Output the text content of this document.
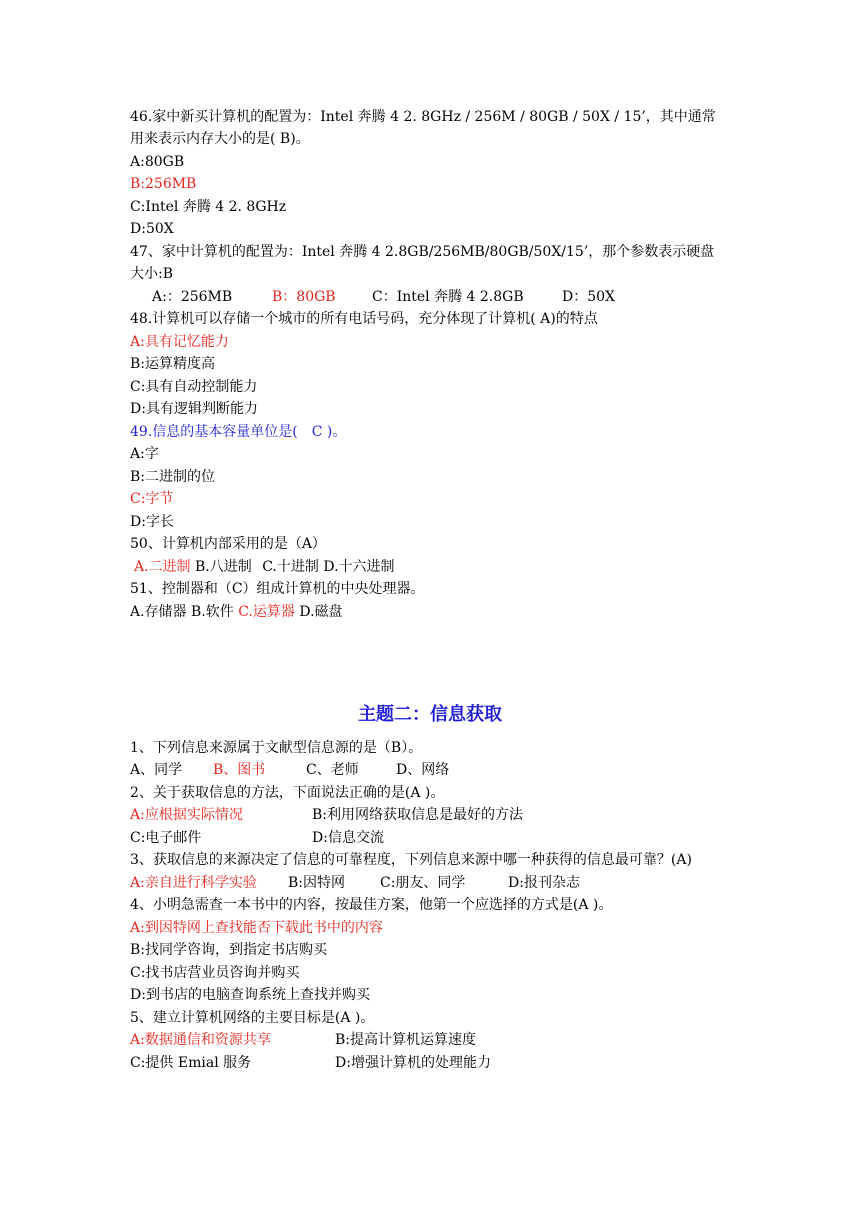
46.家中新买计算机的配置为：Intel 奔腾 4 2. 8GHz / 256M / 80GB / 50X / 15’，其中通常
用来表示内存大小的是( B)。
A:80GB
B:256MB
C:Intel 奔腾 4 2. 8GHz
D:50X
47、家中计算机的配置为：Intel 奔腾 4 2.8GB/256MB/80GB/50X/15’，那个参数表示硬盘
大小:B
A:：256MB	B：80GB	C：Intel 奔腾 4 2.8GB	D：50X
48.计算机可以存储一个城市的所有电话号码，充分体现了计算机( A)的特点
A:具有记忆能力
B:运算精度高
C:具有自动控制能力
D:具有逻辑判断能力
49.信息的基本容量单位是(　C )。
A:字
B:二进制的位
C:字节
D:字长
50、计算机内部采用的是（A）
A.二进制 B.八进制 C.十进制 D.十六进制
51、控制器和（C）组成计算机的中央处理器。
A.存储器 B.软件 C.运算器 D.磁盘
主题二：信息获取
1、下列信息来源属于文献型信息源的是（B）。
A、同学 B、图书	C、老师	D、网络
2、关于获取信息的方法，下面说法正确的是(A )。
A:应根据实际情况	B:利用网络获取信息是最好的方法
C:电子邮件	D:信息交流
3、获取信息的来源决定了信息的可靠程度，下列信息来源中哪一种获得的信息最可靠？(A)
A:亲自进行科学实验 B:因特网 C:朋友、同学	D:报刊杂志
4、小明急需查一本书中的内容，按最佳方案，他第一个应选择的方式是(A )。
A:到因特网上查找能否下载此书中的内容
B:找同学咨询，到指定书店购买
C:找书店营业员咨询并购买
D:到书店的电脑查询系统上查找并购买
5、建立计算机网络的主要目标是(A )。
A:数据通信和资源共享	B:提高计算机运算速度
C:提供 Emial 服务	D:增强计算机的处理能力
